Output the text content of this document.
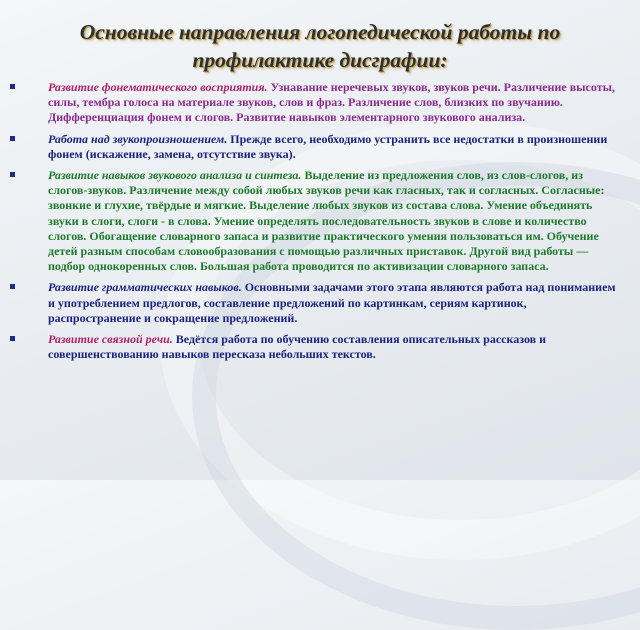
Основные направления логопедической работы по
профилактике дисграфии:
Развитие фонематического восприятия. Узнавание неречевых звуков, звуков речи. Различение высоты, силы, тембра голоса на материале звуков, слов и фраз. Различение слов, близких по звучанию. Дифференциация фонем и слогов. Развитие навыков элементарного звукового анализа.
Работа над звукопроизношением. Прежде всего, необходимо устранить все недостатки в произношении фонем (искажение, замена, отсутствие звука).
Развитие навыков звукового анализа и синтеза. Выделение из предложения слов, из слов-слогов, из слогов-звуков. Различение между собой любых звуков речи как гласных, так и согласных. Согласные: звонкие и глухие, твёрдые и мягкие. Выделение любых звуков из состава слова. Умение объединять звуки в слоги, слоги - в слова. Умение определять последовательность звуков в слове и количество слогов. Обогащение словарного запаса и развитие практического умения пользоваться им. Обучение детей разным способам словообразования с помощью различных приставок. Другой вид работы — подбор однокоренных слов. Большая работа проводится по активизации словарного запаса.
Развитие грамматических навыков. Основными задачами этого этапа являются работа над пониманием и употреблением предлогов, составление предложений по картинкам, сериям картинок, распространение и сокращение предложений.
Развитие связной речи. Ведётся работа по обучению составления описательных рассказов и совершенствованию навыков пересказа небольших текстов.
